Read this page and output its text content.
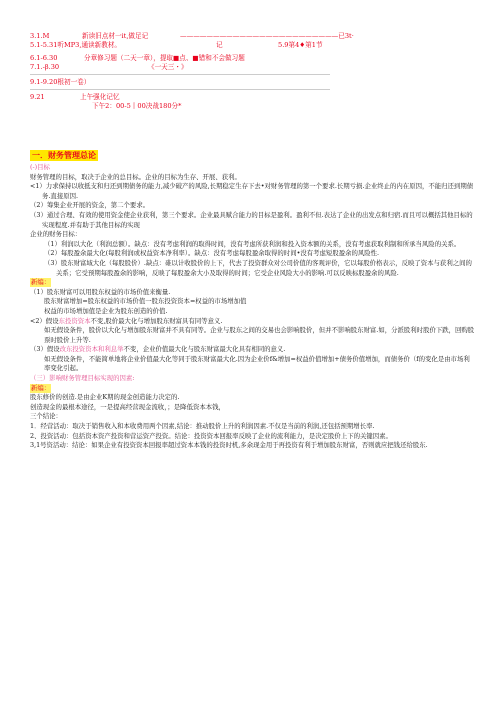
3.1.M	新读旧点材一it,做足记	————————————————————————已3t·
5.1-5.31听MP3,通读新教材。	记	5.9第4♦第1节
6.1-6.30	分章修习题（二天一章），提取■点、■错和不会做习题
7.1.-β.30	《一天三・》
9.1-9.20根初一卷）
9.21	上午强化记忆
下午2：00-5丨00决战180分*

一．财务管理总论

(-)目标

财务管理的目标，取决于企业的总目标。企业的目标为生存、开展、获利。

<1）力求保持以收抵支和归还到期债务的能力,减少破产的风险,长期稳定生存下去•对财务管理的第一个要求.长期亏损.企业终止的内在原因，不能归还到期债务.直接原因.

（2）筹集企业开展的资金，第二个要求。

（3）通过合理、有效的使用资金使企业获利，第三个要求。企业最具赋合能力的目标是盈利。盈利不但.表达了企业的出发点和归宿.而且可以概括其他目标的实现程度.并有助于其他目标的实现

企业的财务目标：

（1）利润以大化（利润总额）。缺点：没有考虑利润的取得时间，没有考虑所获利润和投入资本额的关系，没有考虑获取利制和所承当风险的关系。

（2）每股盈余最大化(每股利润或权益资本净利率）。缺点：没有考虑每股盈余取得的时间•没有考虑短股盈余的风险性.

（3）股东财富域大化（每股股价）.缺点：碓以计收股价的上下，代去了投资群众对公司价值的客观评价，它以每股价格表示，反映了资本与获利之间的关系；它受预期每股盈余的影响，反映了每股盈余大小及取得的时间；它受企业风险大小的影响.可以反映标股盈余的风险.

新编：

（1）股东财富可以用股东权益的市场价值来衡量.

股东财富增加=股东权益的市场价值一股东投资资本=权益的市场增加值

权益的市场增加值是企业为股东创造的价值.

<2）假设东投资资本不变,股价最大化与增加股东财富具有同等意义.

如无假设条件，股价以大化与增加股东财富并不具有同等。企业与股东之间的交易也会影响股价，但并不影响股东财富.如，分派股利时股价下跌，回购股票时股价上升等.

（3）假设改东投资资本和利息举不变，企业价值最大化与股东财富最大化具有相同的意义.

如无假设条件，不能简单地将企业价值最大化等同于股东财富最大化.因为企业价f&增加=权益价值增加+债务价值增加，而债务价（f的变化是由市场利率变化引起。

（三）影响财务管理目标实现的因素:

新编：

股东修价的创造.是由企业K期的现金创造能力决定的.

创造现金的最根本途径，一是提高经营现金流收，；是降低资本本钱，

三个结论：

1．经营活动：取决于销售收入和本收费用两个因素,结论：推动股价上升的利润因素.不仅是当前的利润,还包括预期增长率.

2、投资活动：包括资本资产投资和营运资产投资。结论：投资资本回报率反映了企业的流利能力，是决定股价上下的关键因素。

3,1号资活动：结论：如果企业有投资资本回报率超过资本本钱的投资时机,多余现金用于再投资有利于增加股东财富，否则就应把钱还给股东.
